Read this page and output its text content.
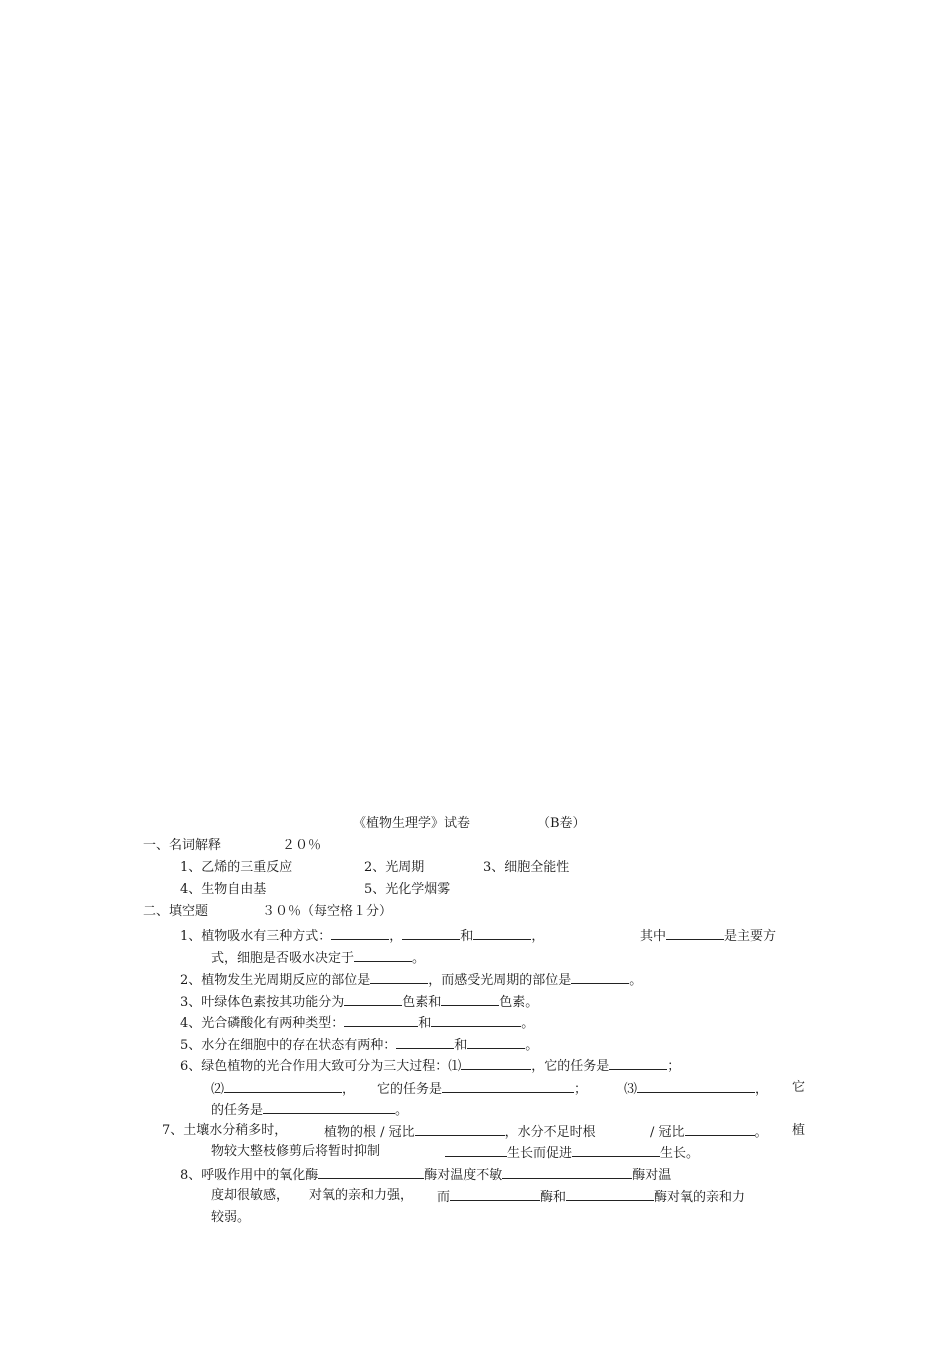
《植物生理学》试卷	（B卷）
一、名词解释	２０％
1、乙烯的三重反应	2、光周期	3、细胞全能性
4、生物自由基	5、光化学烟雾
二、填空题	３０％（每空格１分）
1、植物吸水有三种方式：	，	和	，	其中	是主要方
式，细胞是否吸水决定于	。
2、植物发生光周期反应的部位是	，而感受光周期的部位是	。
3、叶绿体色素按其功能分为	色素和	色素。
4、光合磷酸化有两种类型：	和	。
5、水分在细胞中的存在状态有两种：	和	。
6、绿色植物的光合作用大致可分为三大过程：⑴	，它的任务是	；
⑵	， 它的任务是	；	⑶	， 它
的任务是	。
7、土壤水分稍多时，	植物的根 / 冠比	，水分不足时根	/ 冠比	。 植
物较大整枝修剪后将暂时抑制	生长而促进	生长。
8、呼吸作用中的氧化酶	酶对温度不敏	酶对温
度却很敏感， 对氧的亲和力强， 而	酶和	酶对氧的亲和力
较弱。
